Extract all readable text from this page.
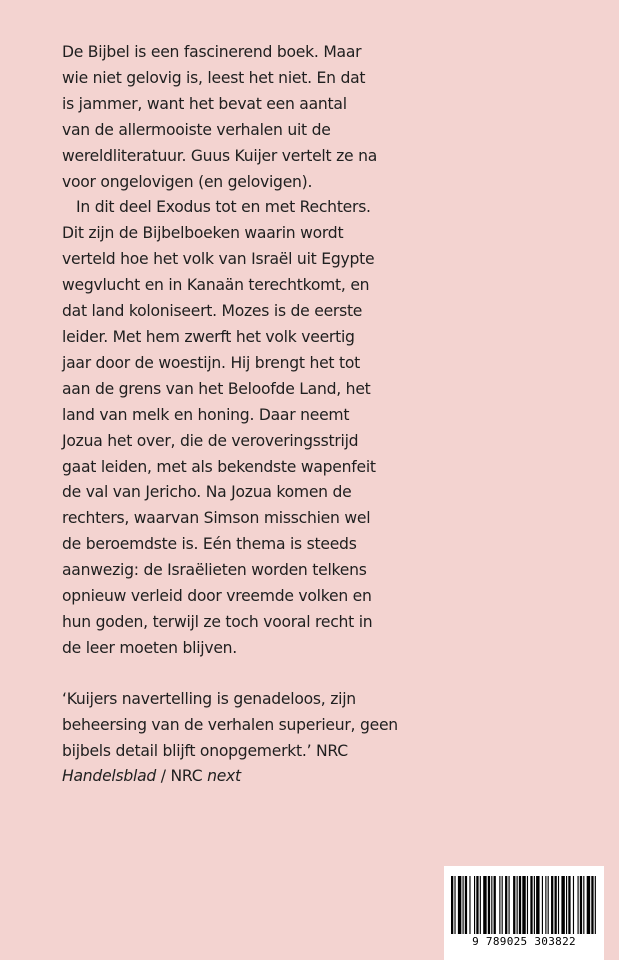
De Bijbel is een fascinerend boek. Maar
wie niet gelovig is, leest het niet. En dat
is jammer, want het bevat een aantal
van de allermooiste verhalen uit de
wereldliteratuur. Guus Kuijer vertelt ze na
voor ongelovigen (en gelovigen).

In dit deel Exodus tot en met Rechters.
Dit zijn de Bijbelboeken waarin wordt
verteld hoe het volk van Israël uit Egypte
wegvlucht en in Kanaän terechtkomt, en
dat land koloniseert. Mozes is de eerste
leider. Met hem zwerft het volk veertig
jaar door de woestijn. Hij brengt het tot
aan de grens van het Beloofde Land, het
land van melk en honing. Daar neemt
Jozua het over, die de veroveringsstrijd
gaat leiden, met als bekendste wapenfeit
de val van Jericho. Na Jozua komen de
rechters, waarvan Simson misschien wel
de beroemdste is. Eén thema is steeds
aanwezig: de Israëlieten worden telkens
opnieuw verleid door vreemde volken en
hun goden, terwijl ze toch vooral recht in
de leer moeten blijven.

‘Kuijers navertelling is genadeloos, zijn
beheersing van de verhalen superieur, geen
bijbels detail blijft onopgemerkt.’ NRC
Handelsblad / NRC next

9 789025 303822
